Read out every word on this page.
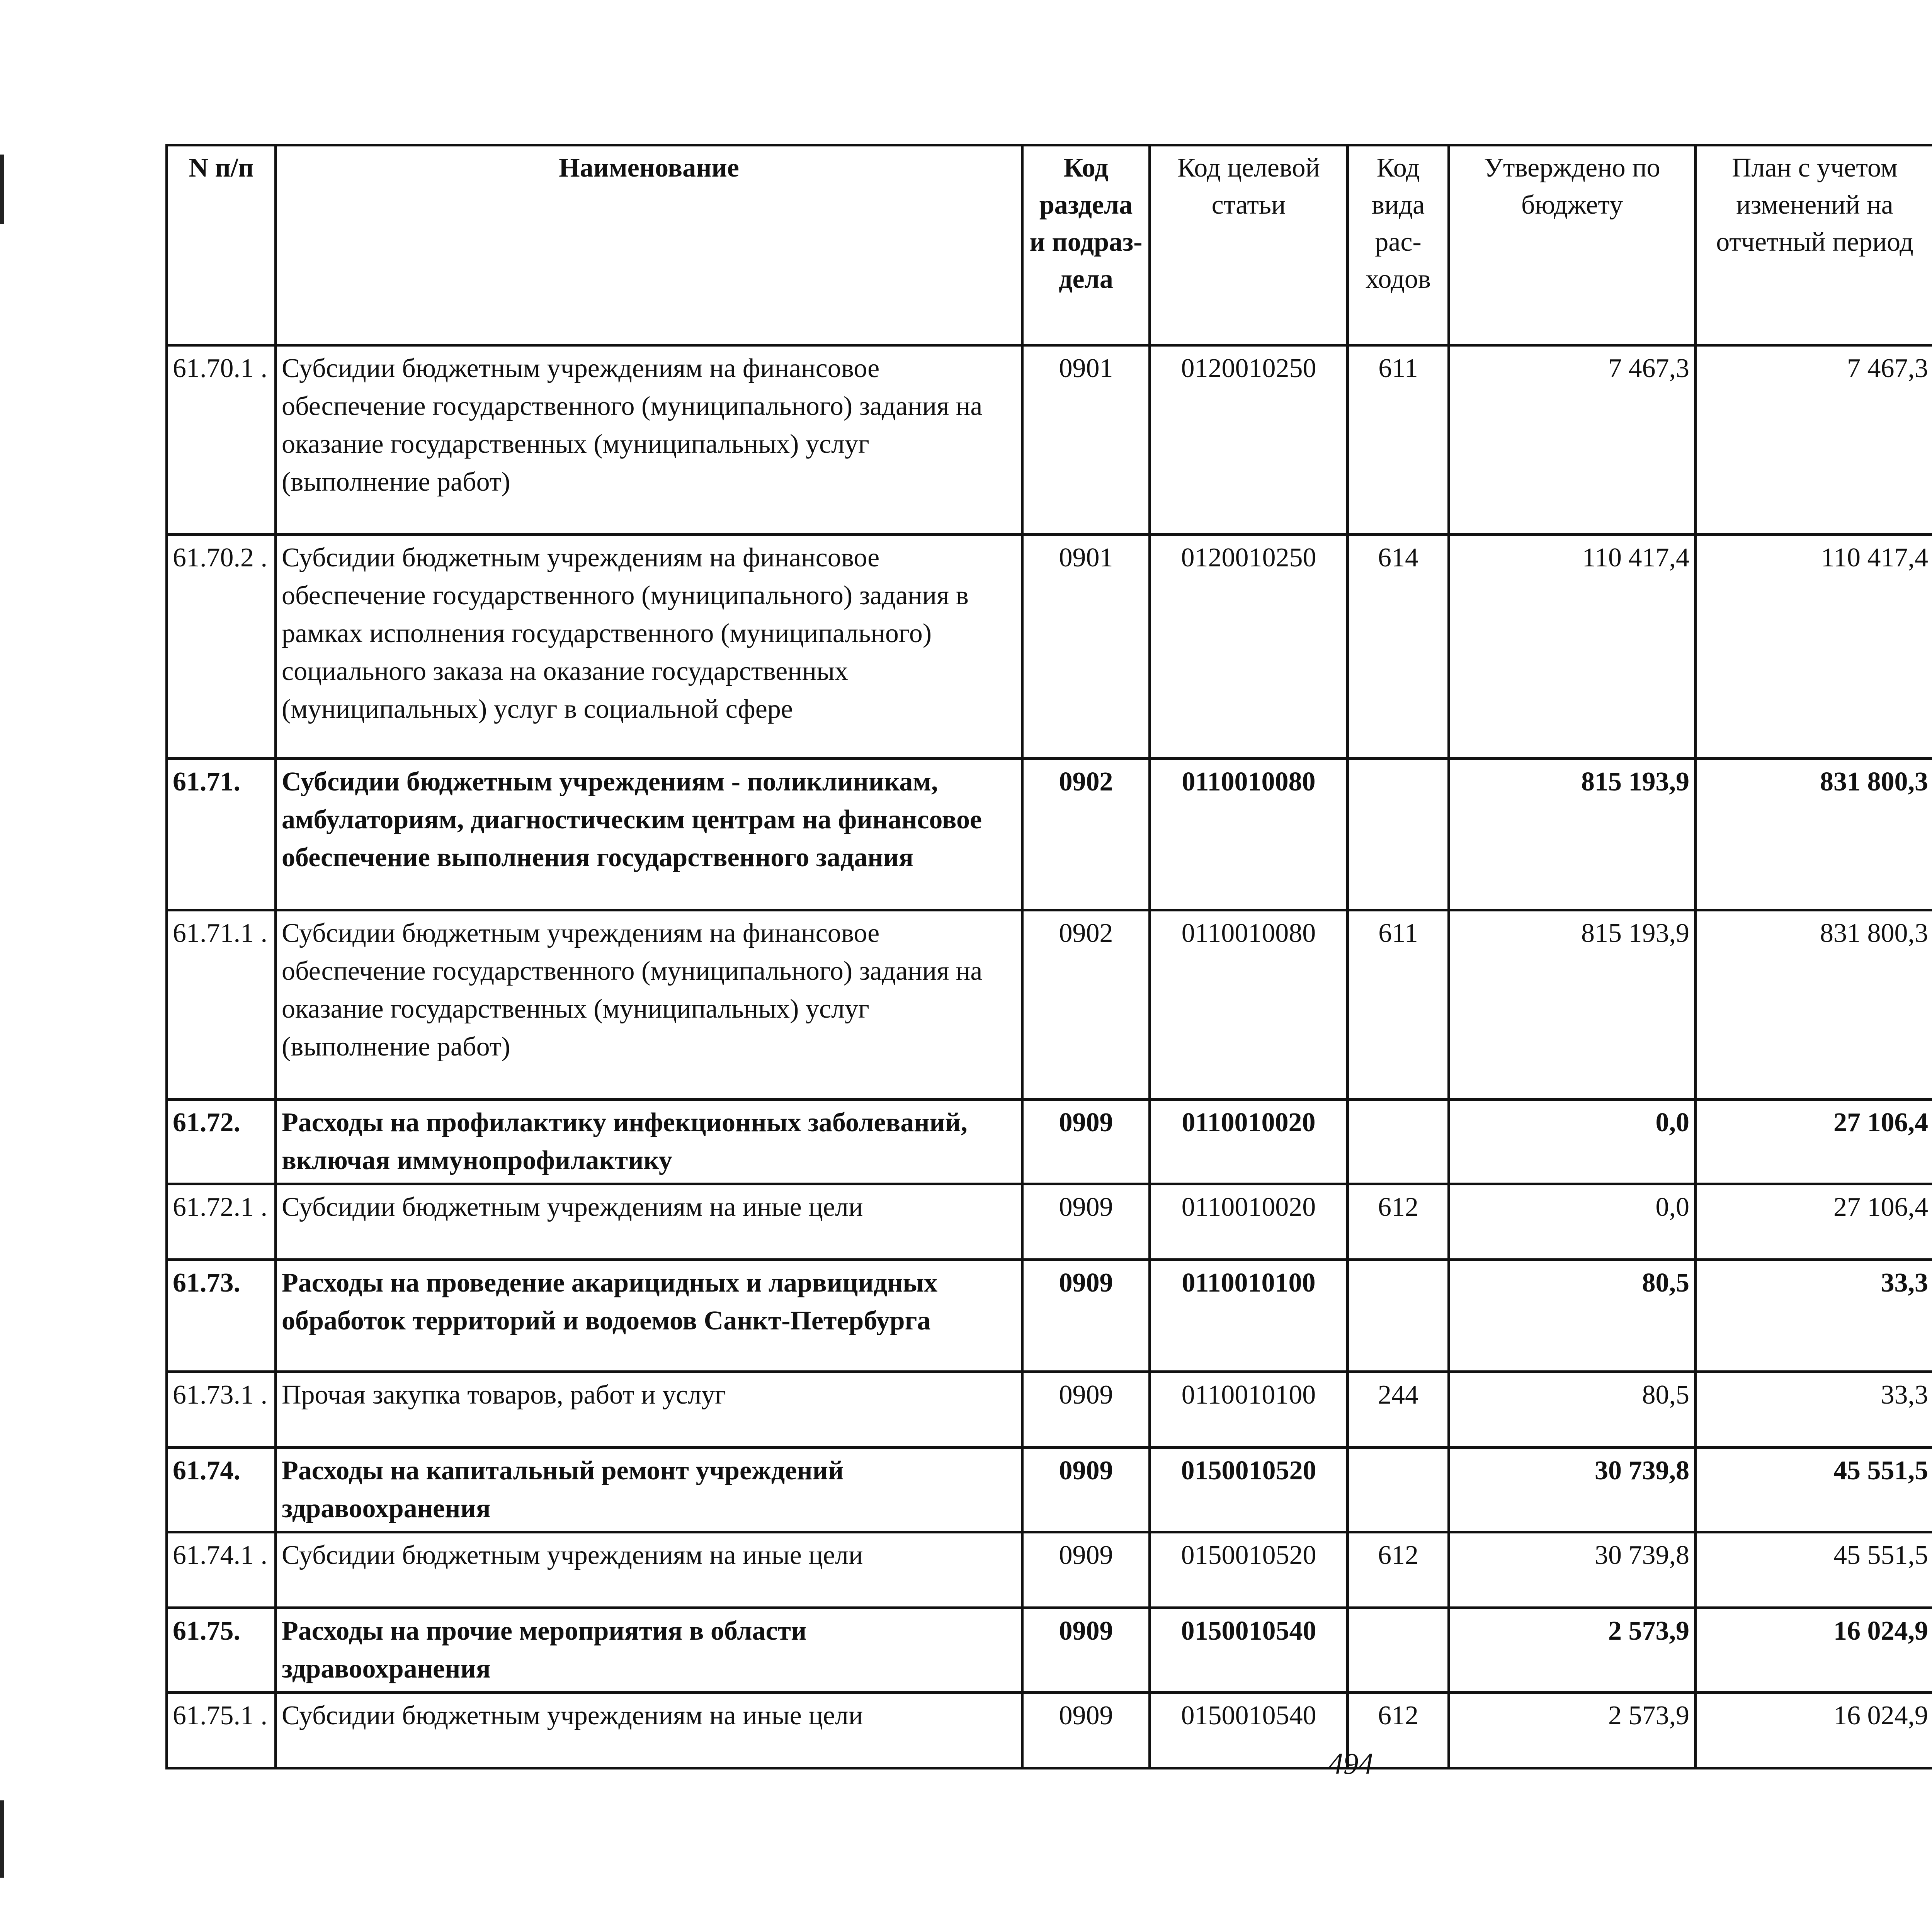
N п/п	Наименование	Код раздела и подраз- дела	Код целевой статьи	Код вида рас- ходов	Утверждено по бюджету	План с учетом изменений на отчетный период		

61.70.1 .	Субсидии бюджетным учреждениям на финансовое обеспечение государственного (муниципального) задания на оказание государственных (муниципальных) услуг (выполнение работ)	0901	0120010250	611	7 467,3	7 467,3			
61.70.2 .	Субсидии бюджетным учреждениям на финансовое обеспечение государственного (муниципального) задания в рамках исполнения государственного (муниципального) социального заказа на оказание государственных (муниципальных) услуг в социальной сфере	0901	0120010250	614	110 417,4	110 417,4			
61.71.	Субсидии бюджетным учреждениям - поликлиникам, амбулаториям, диагностическим центрам на финансовое обеспечение выполнения государственного задания	0902	0110010080		815 193,9	831 800,3			
61.71.1 .	Субсидии бюджетным учреждениям на финансовое обеспечение государственного (муниципального) задания на оказание государственных (муниципальных) услуг (выполнение работ)	0902	0110010080	611	815 193,9	831 800,3			
61.72.	Расходы на профилактику инфекционных заболеваний, включая иммунопрофилактику	0909	0110010020		0,0	27 106,4			
61.72.1 .	Субсидии бюджетным учреждениям на иные цели	0909	0110010020	612	0,0	27 106,4			
61.73.	Расходы на проведение акарицидных и ларвицидных обработок территорий и водоемов Санкт-Петербурга	0909	0110010100		80,5	33,3			
61.73.1 .	Прочая закупка товаров, работ и услуг	0909	0110010100	244	80,5	33,3			
61.74.	Расходы на капитальный ремонт учреждений здравоохранения	0909	0150010520		30 739,8	45 551,5			
61.74.1 .	Субсидии бюджетным учреждениям на иные цели	0909	0150010520	612	30 739,8	45 551,5			
61.75.	Расходы на прочие мероприятия в области здравоохранения	0909	0150010540		2 573,9	16 024,9			
61.75.1 .	Субсидии бюджетным учреждениям на иные цели	0909	0150010540	612	2 573,9	16 024,9			
494
